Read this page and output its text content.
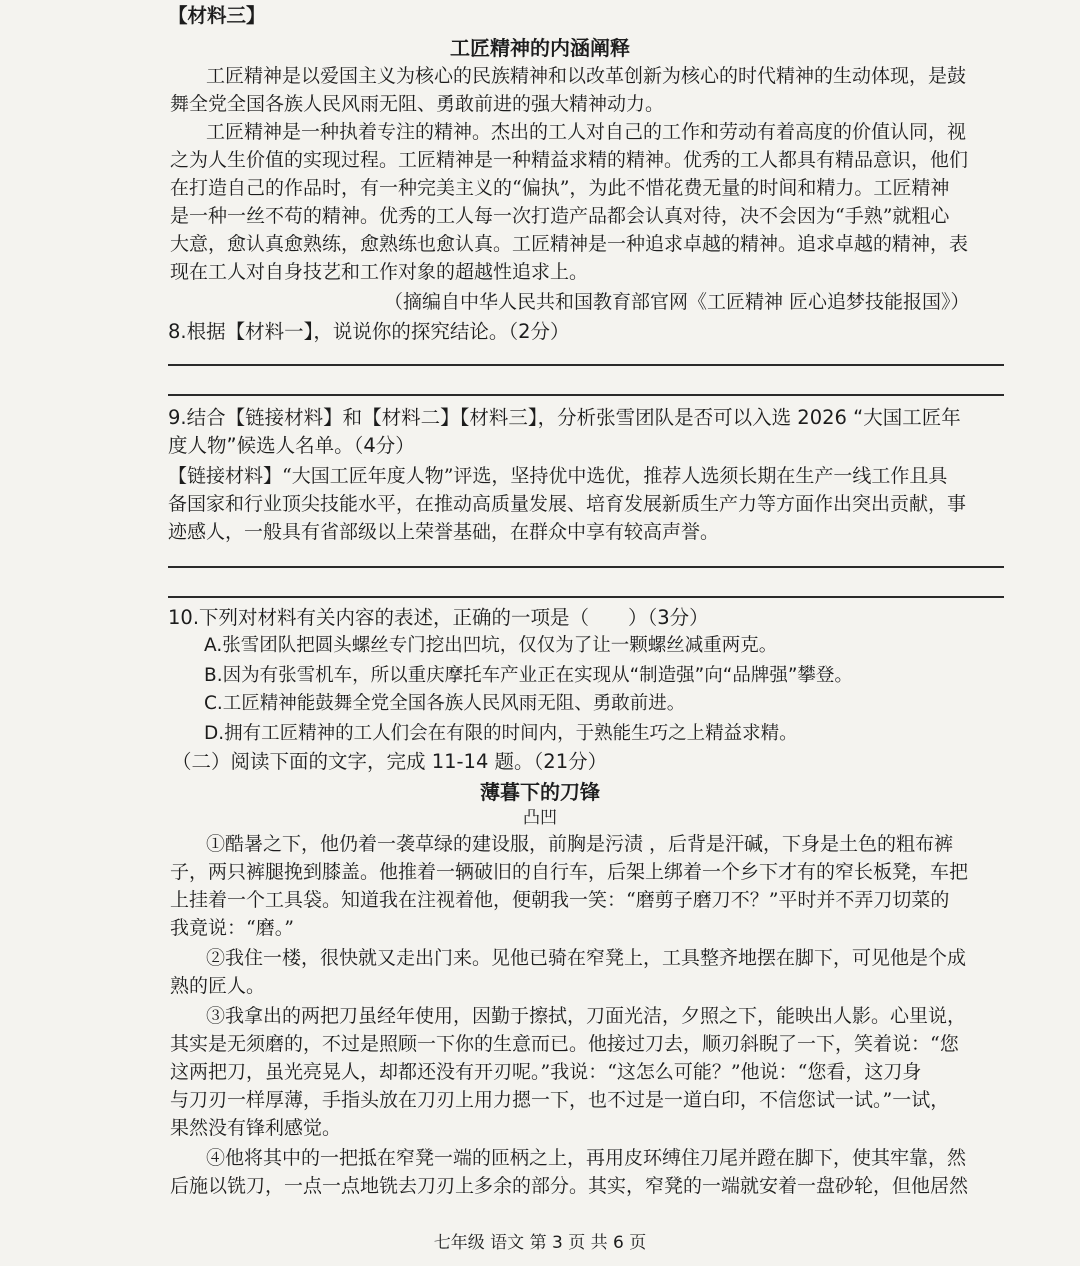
【材料三】
工匠精神的内涵阐释
工匠精神是以爱国主义为核心的民族精神和以改革创新为核心的时代精神的生动体现，是鼓
舞全党全国各族人民风雨无阻、勇敢前进的强大精神动力。
工匠精神是一种执着专注的精神。杰出的工人对自己的工作和劳动有着高度的价值认同，视
之为人生价值的实现过程。工匠精神是一种精益求精的精神。优秀的工人都具有精品意识，他们
在打造自己的作品时，有一种完美主义的“偏执”，为此不惜花费无量的时间和精力。工匠精神
是一种一丝不苟的精神。优秀的工人每一次打造产品都会认真对待，决不会因为“手熟”就粗心
大意，愈认真愈熟练，愈熟练也愈认真。工匠精神是一种追求卓越的精神。追求卓越的精神，表
现在工人对自身技艺和工作对象的超越性追求上。
（摘编自中华人民共和国教育部官网《工匠精神 匠心追梦技能报国》）
8.根据【材料一】，说说你的探究结论。（2分）
9.结合【链接材料】和【材料二】【材料三】，分析张雪团队是否可以入选 2026 “大国工匠年
度人物”候选人名单。（4分）
【链接材料】“大国工匠年度人物”评选，坚持优中选优，推荐人选须长期在生产一线工作且具
备国家和行业顶尖技能水平，在推动高质量发展、培育发展新质生产力等方面作出突出贡献，事
迹感人，一般具有省部级以上荣誉基础，在群众中享有较高声誉。
10.下列对材料有关内容的表述，正确的一项是（　　）（3分）
A.张雪团队把圆头螺丝专门挖出凹坑，仅仅为了让一颗螺丝减重两克。
B.因为有张雪机车，所以重庆摩托车产业正在实现从“制造强”向“品牌强”攀登。
C.工匠精神能鼓舞全党全国各族人民风雨无阻、勇敢前进。
D.拥有工匠精神的工人们会在有限的时间内，于熟能生巧之上精益求精。
（二）阅读下面的文字，完成 11-14 题。（21分）
薄暮下的刀锋
凸凹
①酷暑之下，他仍着一袭草绿的建设服，前胸是污渍 ，后背是汗碱，下身是土色的粗布裤
子，两只裤腿挽到膝盖。他推着一辆破旧的自行车，后架上绑着一个乡下才有的窄长板凳，车把
上挂着一个工具袋。知道我在注视着他，便朝我一笑：“磨剪子磨刀不？”平时并不弄刀切菜的
我竟说：“磨。”
②我住一楼，很快就又走出门来。见他已骑在窄凳上，工具整齐地摆在脚下，可见他是个成
熟的匠人。
③我拿出的两把刀虽经年使用，因勤于擦拭，刀面光洁，夕照之下，能映出人影。心里说，
其实是无须磨的，不过是照顾一下你的生意而已。他接过刀去，顺刃斜睨了一下，笑着说：“您
这两把刀，虽光亮晃人，却都还没有开刃呢。”我说：“这怎么可能？”他说：“您看，这刀身
与刀刃一样厚薄，手指头放在刀刃上用力摁一下，也不过是一道白印，不信您试一试。”一试，
果然没有锋利感觉。
④他将其中的一把抵在窄凳一端的匝柄之上，再用皮环缚住刀尾并蹬在脚下，使其牢靠，然
后施以铣刀，一点一点地铣去刀刃上多余的部分。其实，窄凳的一端就安着一盘砂轮，但他居然
七年级 语文 第 3 页 共 6 页
